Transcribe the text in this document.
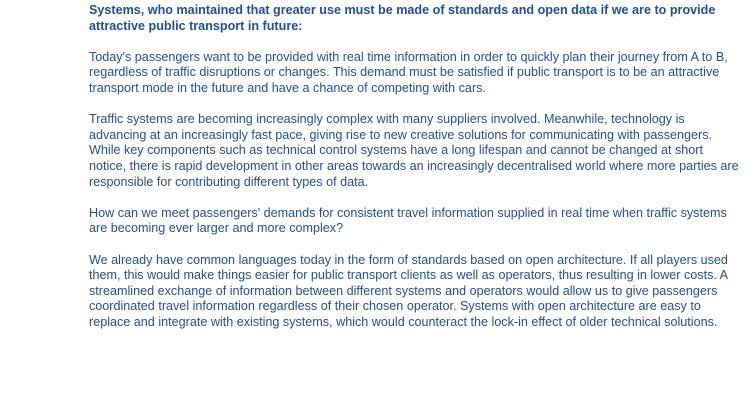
Systems, who maintained that greater use must be made of standards and open data if we are to provide attractive public transport in future:

Today's passengers want to be provided with real time information in order to quickly plan their journey from A to B, regardless of traffic disruptions or changes. This demand must be satisfied if public transport is to be an attractive transport mode in the future and have a chance of competing with cars.

Traffic systems are becoming increasingly complex with many suppliers involved. Meanwhile, technology is advancing at an increasingly fast pace, giving rise to new creative solutions for communicating with passengers. While key components such as technical control systems have a long lifespan and cannot be changed at short notice, there is rapid development in other areas towards an increasingly decentralised world where more parties are responsible for contributing different types of data.

How can we meet passengers' demands for consistent travel information supplied in real time when traffic systems are becoming ever larger and more complex?

We already have common languages today in the form of standards based on open architecture. If all players used them, this would make things easier for public transport clients as well as operators, thus resulting in lower costs. A streamlined exchange of information between different systems and operators would allow us to give passengers coordinated travel information regardless of their chosen operator. Systems with open architecture are easy to replace and integrate with existing systems, which would counteract the lock-in effect of older technical solutions.
